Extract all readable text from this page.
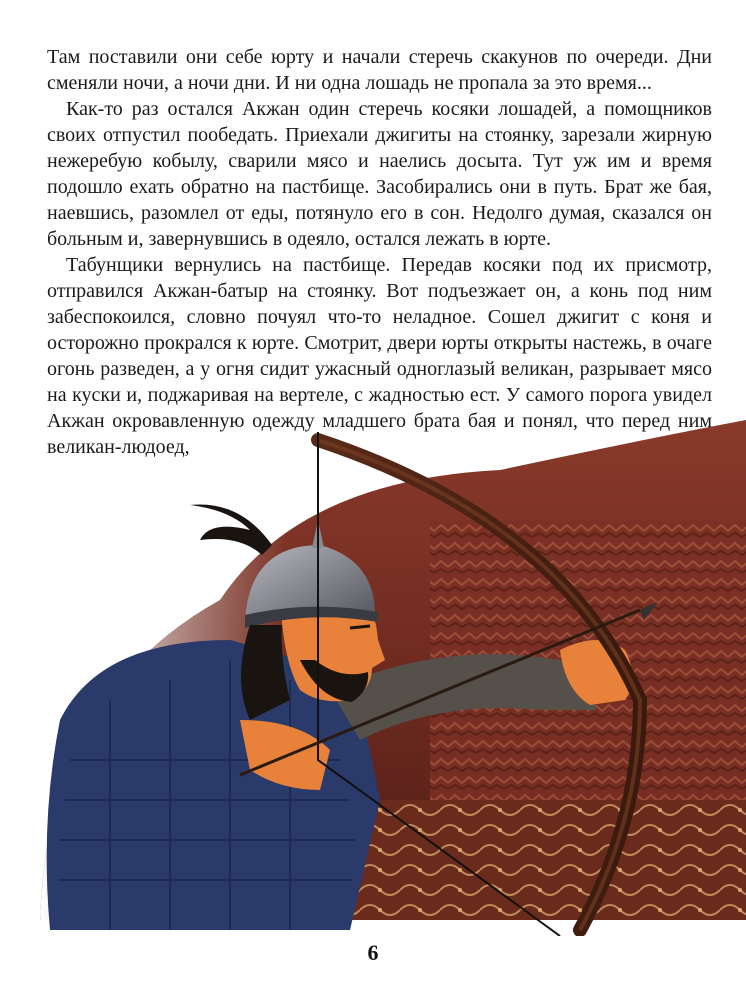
Там поставили они себе юрту и начали стеречь скакунов по очереди. Дни сменяли ночи, а ночи дни. И ни одна лошадь не пропала за это время...

Как-то раз остался Акжан один стеречь косяки лошадей, а помощников своих отпустил пообедать. Приехали джигиты на стоянку, зарезали жирную нежеребую кобылу, сварили мясо и наелись досыта. Тут уж им и время подошло ехать обратно на пастбище. Засобирались они в путь. Брат же бая, наевшись, разомлел от еды, потянуло его в сон. Недолго думая, сказался он больным и, завернувшись в одеяло, остался лежать в юрте.

Табунщики вернулись на пастбище. Передав косяки под их присмотр, отправился Акжан-батыр на стоянку. Вот подъезжает он, а конь под ним забеспокоился, словно почуял что-то неладное. Сошел джигит с коня и осторожно прокрался к юрте. Смотрит, двери юрты открыты настежь, в очаге огонь разведен, а у огня сидит ужасный одноглазый великан, разрывает мясо на куски и, поджаривая на вертеле, с жадностью ест. У самого порога увидел Акжан окровавленную одежду младшего брата бая и понял, что перед ним великан-людоед,

6
